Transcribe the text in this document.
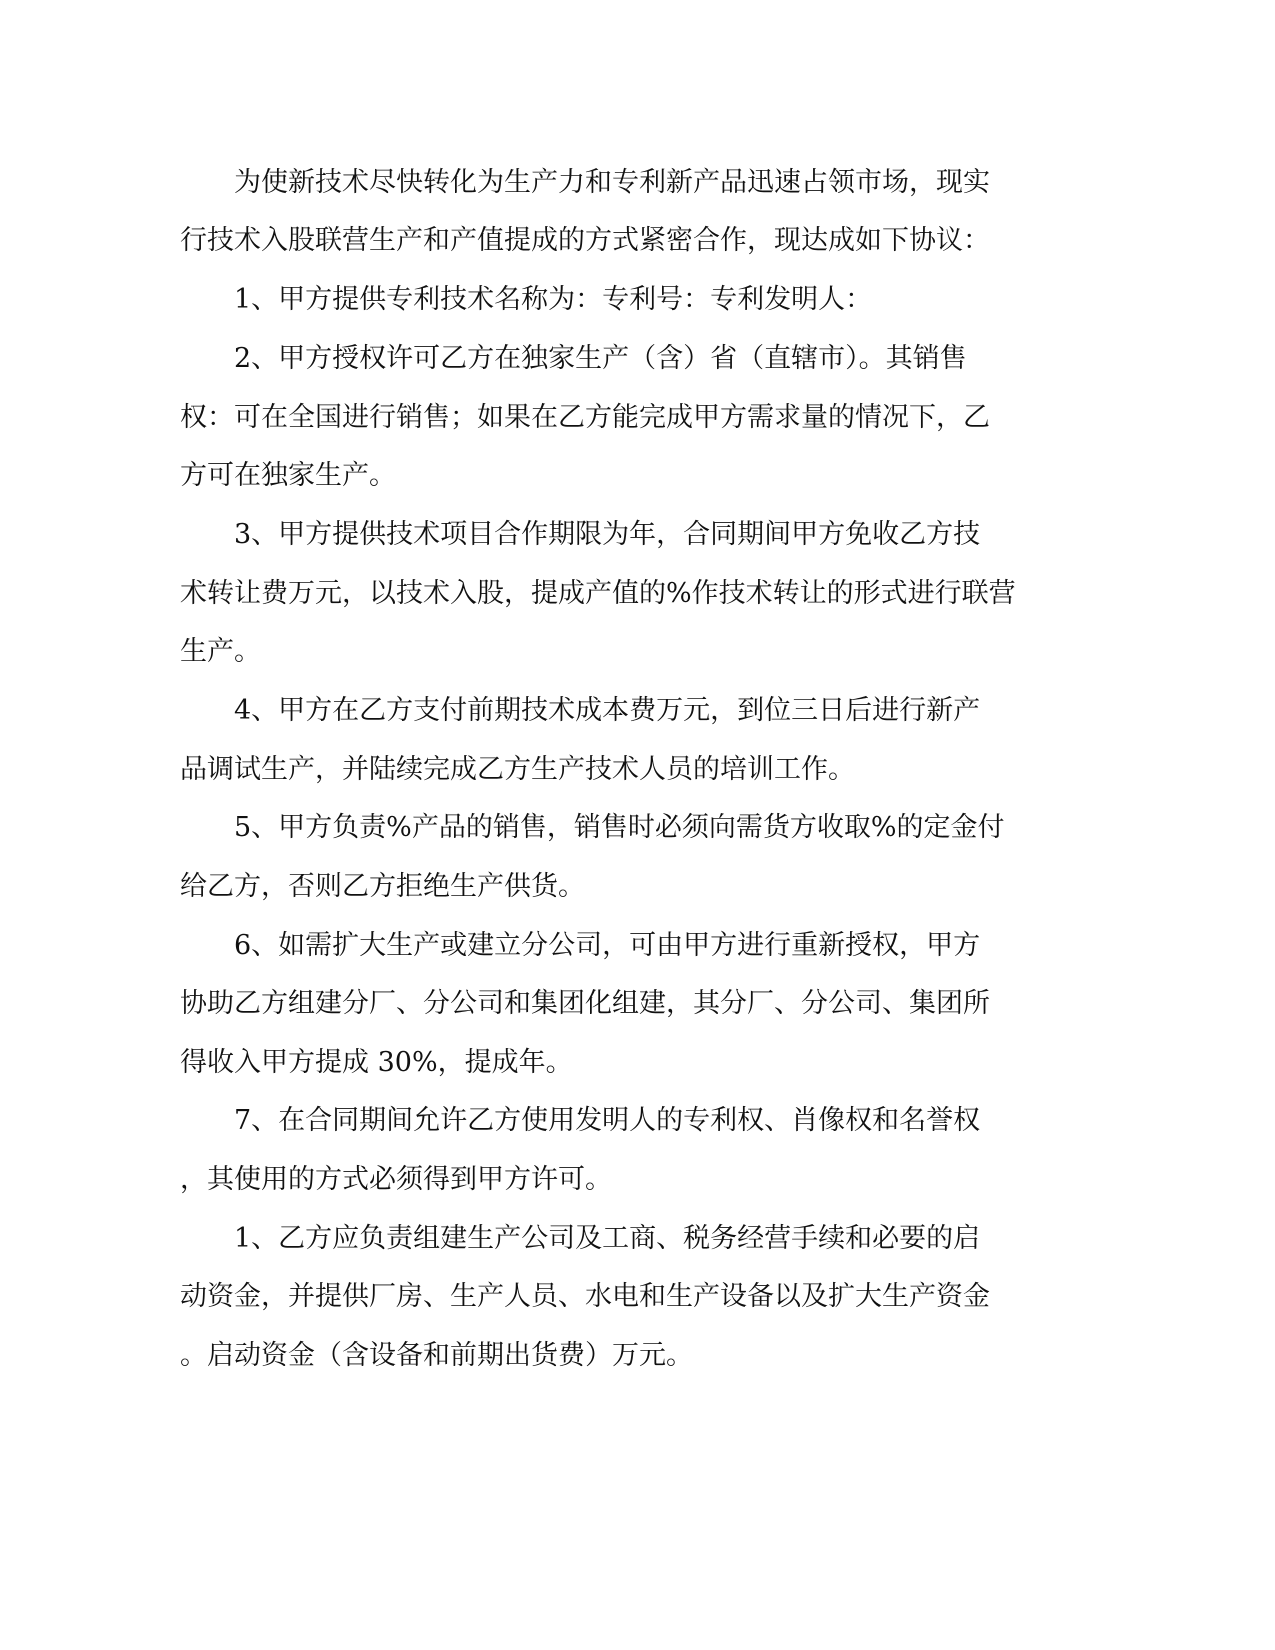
　　为使新技术尽快转化为生产力和专利新产品迅速占领市场，现实
行技术入股联营生产和产值提成的方式紧密合作，现达成如下协议：
　　1、甲方提供专利技术名称为：专利号：专利发明人：
　　2、甲方授权许可乙方在独家生产（含）省（直辖市）。其销售
权：可在全国进行销售；如果在乙方能完成甲方需求量的情况下，乙
方可在独家生产。
　　3、甲方提供技术项目合作期限为年，合同期间甲方免收乙方技
术转让费万元，以技术入股，提成产值的%作技术转让的形式进行联营
生产。
　　4、甲方在乙方支付前期技术成本费万元，到位三日后进行新产
品调试生产，并陆续完成乙方生产技术人员的培训工作。
　　5、甲方负责%产品的销售，销售时必须向需货方收取%的定金付
给乙方，否则乙方拒绝生产供货。
　　6、如需扩大生产或建立分公司，可由甲方进行重新授权，甲方
协助乙方组建分厂、分公司和集团化组建，其分厂、分公司、集团所
得收入甲方提成 30%，提成年。
　　7、在合同期间允许乙方使用发明人的专利权、肖像权和名誉权
，其使用的方式必须得到甲方许可。
　　1、乙方应负责组建生产公司及工商、税务经营手续和必要的启
动资金，并提供厂房、生产人员、水电和生产设备以及扩大生产资金
。启动资金（含设备和前期出货费）万元。
